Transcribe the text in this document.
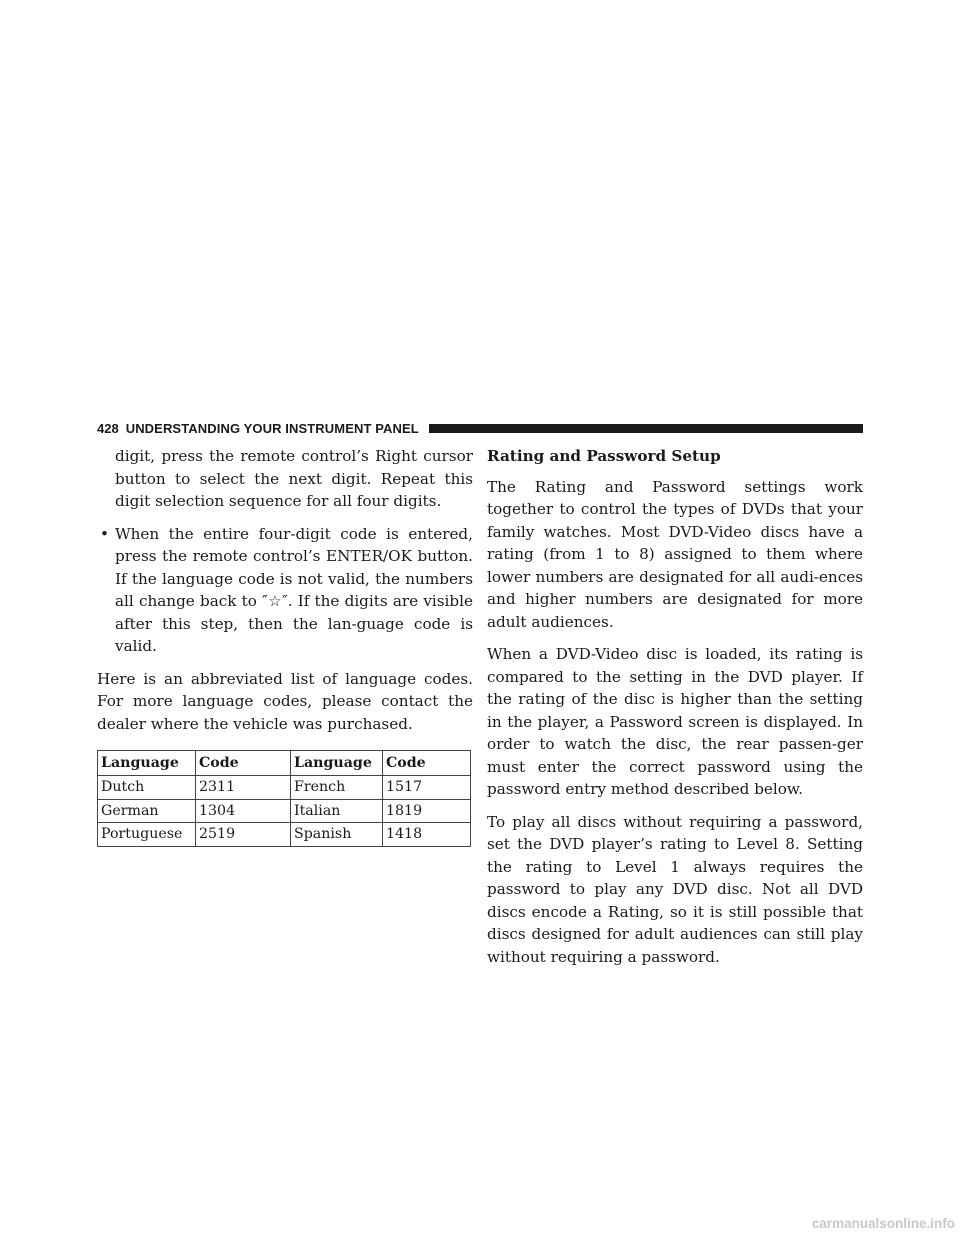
428 UNDERSTANDING YOUR INSTRUMENT PANEL

digit, press the remote control’s Right cursor button to select the next digit. Repeat this digit selection sequence for all four digits.

• When the entire four-digit code is entered, press the remote control’s ENTER/OK button. If the language code is not valid, the numbers all change back to ″☆″. If the digits are visible after this step, then the lan-guage code is valid.

Here is an abbreviated list of language codes. For more language codes, please contact the dealer where the vehicle was purchased.

Language	Code	Language	Code
Dutch	2311	French	1517
German	1304	Italian	1819
Portuguese	2519	Spanish	1418

Rating and Password Setup

The Rating and Password settings work together to control the types of DVDs that your family watches. Most DVD-Video discs have a rating (from 1 to 8) assigned to them where lower numbers are designated for all audi-ences and higher numbers are designated for more adult audiences.

When a DVD-Video disc is loaded, its rating is compared to the setting in the DVD player. If the rating of the disc is higher than the setting in the player, a Password screen is displayed. In order to watch the disc, the rear passen-ger must enter the correct password using the password entry method described below.

To play all discs without requiring a password, set the DVD player’s rating to Level 8. Setting the rating to Level 1 always requires the password to play any DVD disc. Not all DVD discs encode a Rating, so it is still possible that discs designed for adult audiences can still play without requiring a password.

carmanualsonline.info
